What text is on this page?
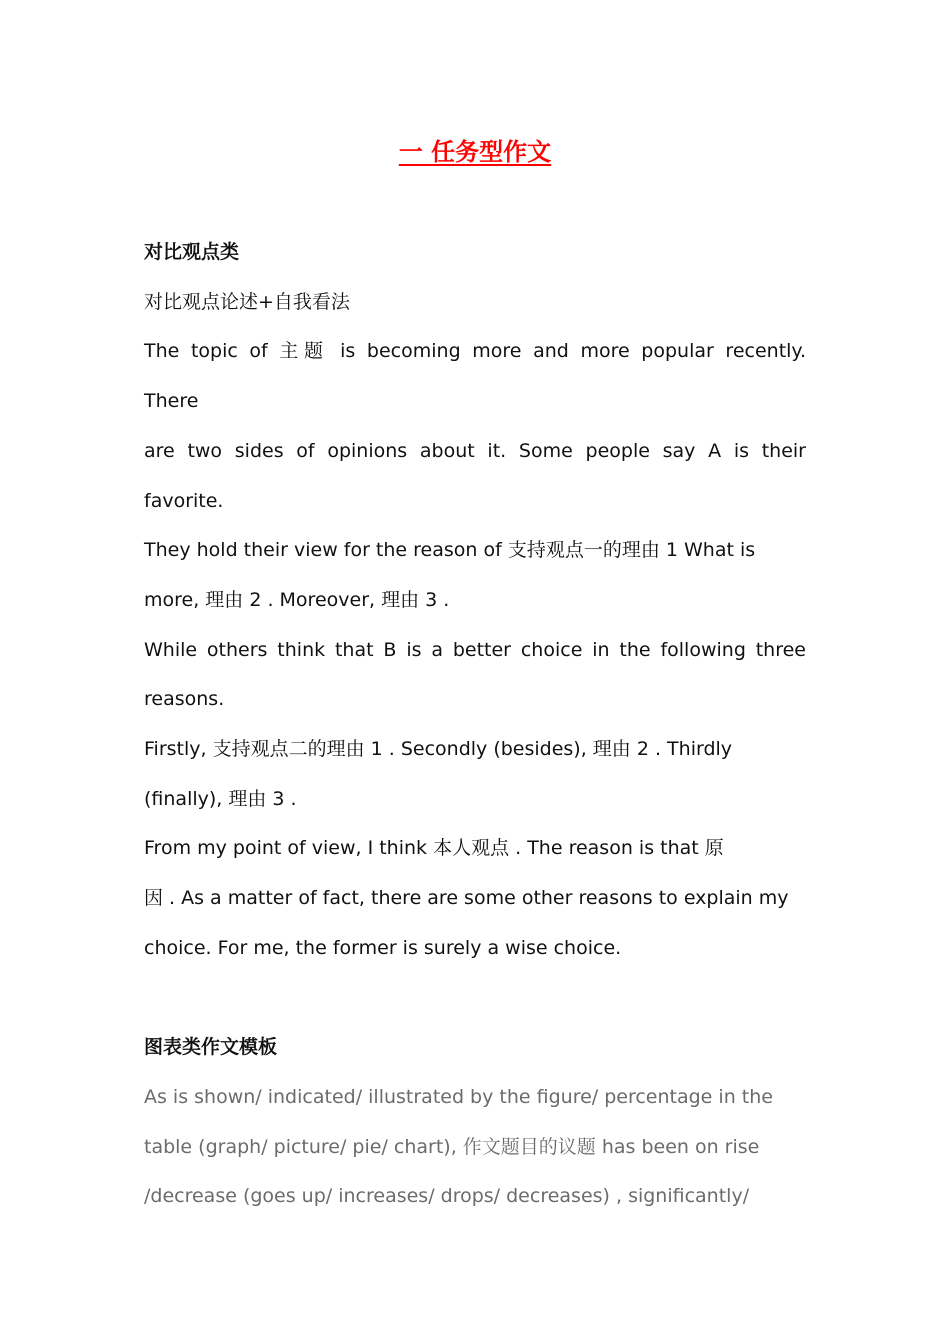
一 任务型作文
对比观点类
对比观点论述+自我看法
The topic of 主题 is becoming more and more popular recently.
There
are two sides of opinions about it. Some people say A is their
favorite.
They hold their view for the reason of 支持观点一的理由 1 What is
more, 理由 2 . Moreover, 理由 3 .
While others think that B is a better choice in the following three
reasons.
Firstly, 支持观点二的理由 1 . Secondly (besides), 理由 2 . Thirdly
(finally), 理由 3 .
From my point of view, I think 本人观点 . The reason is that 原
因 . As a matter of fact, there are some other reasons to explain my
choice. For me, the former is surely a wise choice.
图表类作文模板
As is shown/ indicated/ illustrated by the figure/ percentage in the
table (graph/ picture/ pie/ chart), 作文题目的议题 has been on rise
/decrease (goes up/ increases/ drops/ decreases) , significantly/
